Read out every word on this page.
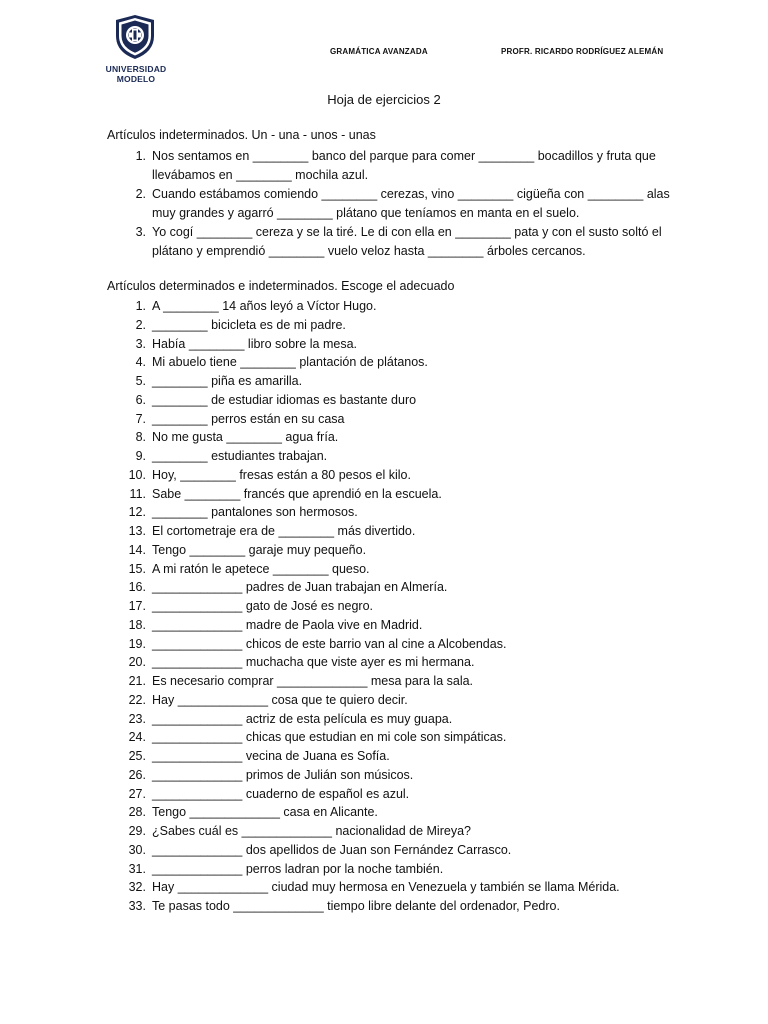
UNIVERSIDAD
MODELO
GRAMÁTICA AVANZADA	PROFR. RICARDO RODRÍGUEZ ALEMÁN
Hoja de ejercicios 2
Artículos indeterminados. Un - una - unos - unas
1. Nos sentamos en ________ banco del parque para comer ________ bocadillos y fruta que llevábamos en ________ mochila azul.
2. Cuando estábamos comiendo ________ cerezas, vino ________ cigüeña con ________ alas muy grandes y agarró ________ plátano que teníamos en manta en el suelo.
3. Yo cogí ________ cereza y se la tiré. Le di con ella en ________ pata y con el susto soltó el plátano y emprendió ________ vuelo veloz hasta ________ árboles cercanos.
Artículos determinados e indeterminados. Escoge el adecuado
1. A ________ 14 años leyó a Víctor Hugo.
2. ________ bicicleta es de mi padre.
3. Había ________ libro sobre la mesa.
4. Mi abuelo tiene ________ plantación de plátanos.
5. ________ piña es amarilla.
6. ________ de estudiar idiomas es bastante duro
7. ________ perros están en su casa
8. No me gusta ________ agua fría.
9. ________ estudiantes trabajan.
10. Hoy, ________ fresas están a 80 pesos el kilo.
11. Sabe ________ francés que aprendió en la escuela.
12. ________ pantalones son hermosos.
13. El cortometraje era de ________ más divertido.
14. Tengo ________ garaje muy pequeño.
15. A mi ratón le apetece ________ queso.
16. _____________ padres de Juan trabajan en Almería.
17. _____________ gato de José es negro.
18. _____________ madre de Paola vive en Madrid.
19. _____________ chicos de este barrio van al cine a Alcobendas.
20. _____________ muchacha que viste ayer es mi hermana.
21. Es necesario comprar _____________ mesa para la sala.
22. Hay _____________ cosa que te quiero decir.
23. _____________ actriz de esta película es muy guapa.
24. _____________ chicas que estudian en mi cole son simpáticas.
25. _____________ vecina de Juana es Sofía.
26. _____________ primos de Julián son músicos.
27. _____________ cuaderno de español es azul.
28. Tengo _____________ casa en Alicante.
29. ¿Sabes cuál es _____________ nacionalidad de Mireya?
30. _____________ dos apellidos de Juan son Fernández Carrasco.
31. _____________ perros ladran por la noche también.
32. Hay _____________ ciudad muy hermosa en Venezuela y también se llama Mérida.
33. Te pasas todo _____________ tiempo libre delante del ordenador, Pedro.
